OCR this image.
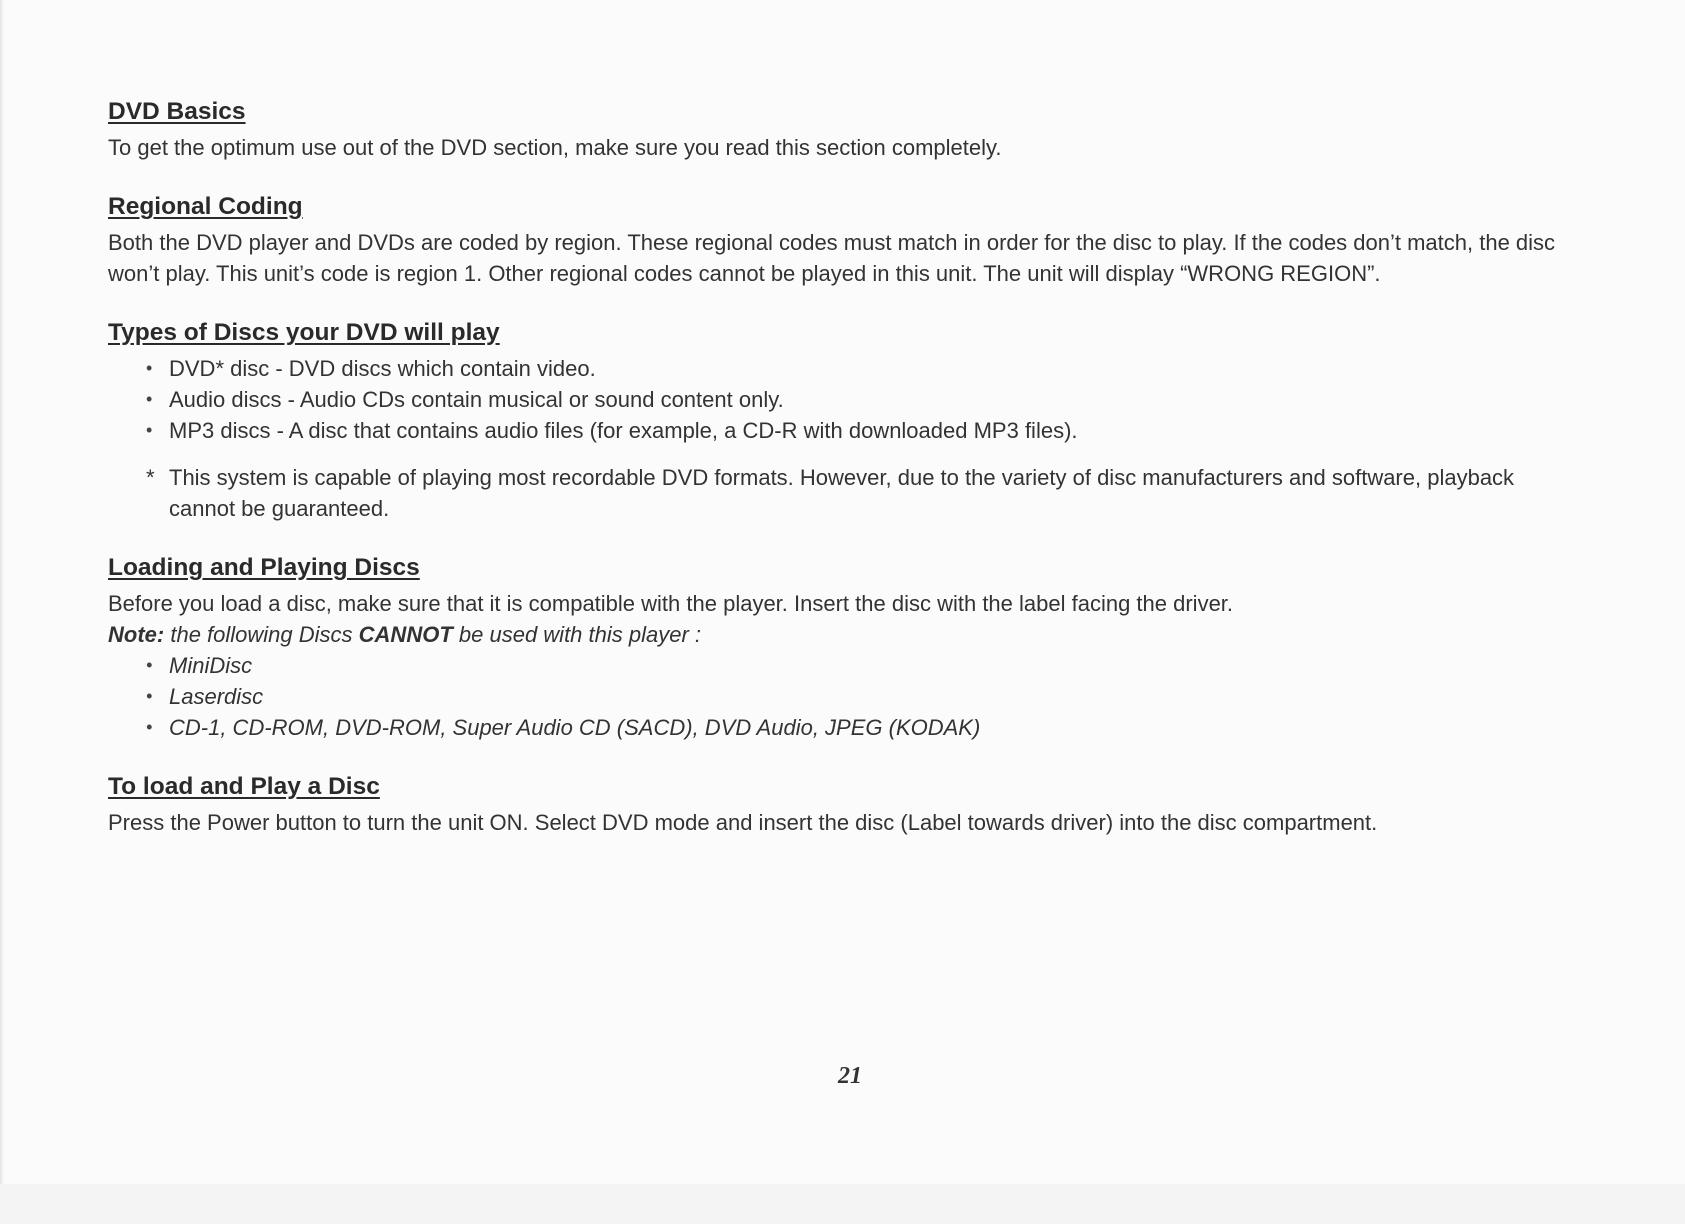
DVD Basics

To get the optimum use out of the DVD section, make sure you read this section completely.

Regional Coding

Both the DVD player and DVDs are coded by region. These regional codes must match in order for the disc to play. If the codes don’t match, the disc won’t play. This unit’s code is region 1. Other regional codes cannot be played in this unit. The unit will display “WRONG REGION”.

Types of Discs your DVD will play
• DVD* disc - DVD discs which contain video.
• Audio discs - Audio CDs contain musical or sound content only.
• MP3 discs - A disc that contains audio files (for example, a CD-R with downloaded MP3 files).
* This system is capable of playing most recordable DVD formats. However, due to the variety of disc manufacturers and software, playback cannot be guaranteed.
Loading and Playing Discs

Before you load a disc, make sure that it is compatible with the player. Insert the disc with the label facing the driver.

Note: the following Discs CANNOT be used with this player :

• MiniDisc
• Laserdisc
• CD-1, CD-ROM, DVD-ROM, Super Audio CD (SACD), DVD Audio, JPEG (KODAK)
To load and Play a Disc

Press the Power button to turn the unit ON. Select DVD mode and insert the disc (Label towards driver) into the disc compartment.

21
